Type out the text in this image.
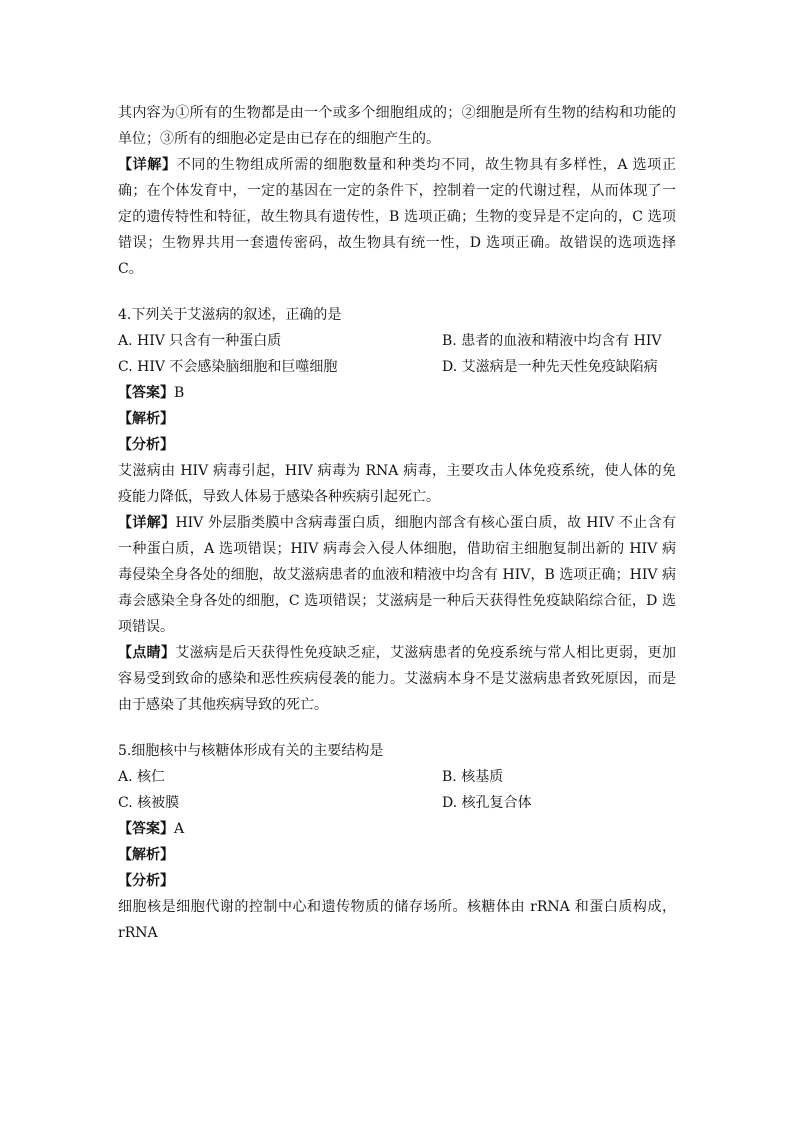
其内容为①所有的生物都是由一个或多个细胞组成的；②细胞是所有生物的结构和功能的单位；③所有的细胞必定是由已存在的细胞产生的。

【详解】不同的生物组成所需的细胞数量和种类均不同，故生物具有多样性，A 选项正确；在个体发育中，一定的基因在一定的条件下，控制着一定的代谢过程，从而体现了一定的遗传特性和特征，故生物具有遗传性，B 选项正确；生物的变异是不定向的，C 选项错误；生物界共用一套遗传密码，故生物具有统一性，D 选项正确。故错误的选项选择 C。

4.下列关于艾滋病的叙述，正确的是

A. HIV 只含有一种蛋白质	B. 患者的血液和精液中均含有 HIV
C. HIV 不会感染脑细胞和巨噬细胞	D. 艾滋病是一种先天性免疫缺陷病

【答案】B

【解析】

【分析】

艾滋病由 HIV 病毒引起，HIV 病毒为 RNA 病毒，主要攻击人体免疫系统，使人体的免疫能力降低，导致人体易于感染各种疾病引起死亡。

【详解】HIV 外层脂类膜中含病毒蛋白质，细胞内部含有核心蛋白质，故 HIV 不止含有一种蛋白质，A 选项错误；HIV 病毒会入侵人体细胞，借助宿主细胞复制出新的 HIV 病毒侵染全身各处的细胞，故艾滋病患者的血液和精液中均含有 HIV，B 选项正确；HIV 病毒会感染全身各处的细胞，C 选项错误；艾滋病是一种后天获得性免疫缺陷综合征，D 选项错误。

【点睛】艾滋病是后天获得性免疫缺乏症，艾滋病患者的免疫系统与常人相比更弱，更加容易受到致命的感染和恶性疾病侵袭的能力。艾滋病本身不是艾滋病患者致死原因，而是由于感染了其他疾病导致的死亡。

5.细胞核中与核糖体形成有关的主要结构是

A. 核仁	B. 核基质
C. 核被膜	D. 核孔复合体

【答案】A

【解析】

【分析】

细胞核是细胞代谢的控制中心和遗传物质的储存场所。核糖体由 rRNA 和蛋白质构成，rRNA
